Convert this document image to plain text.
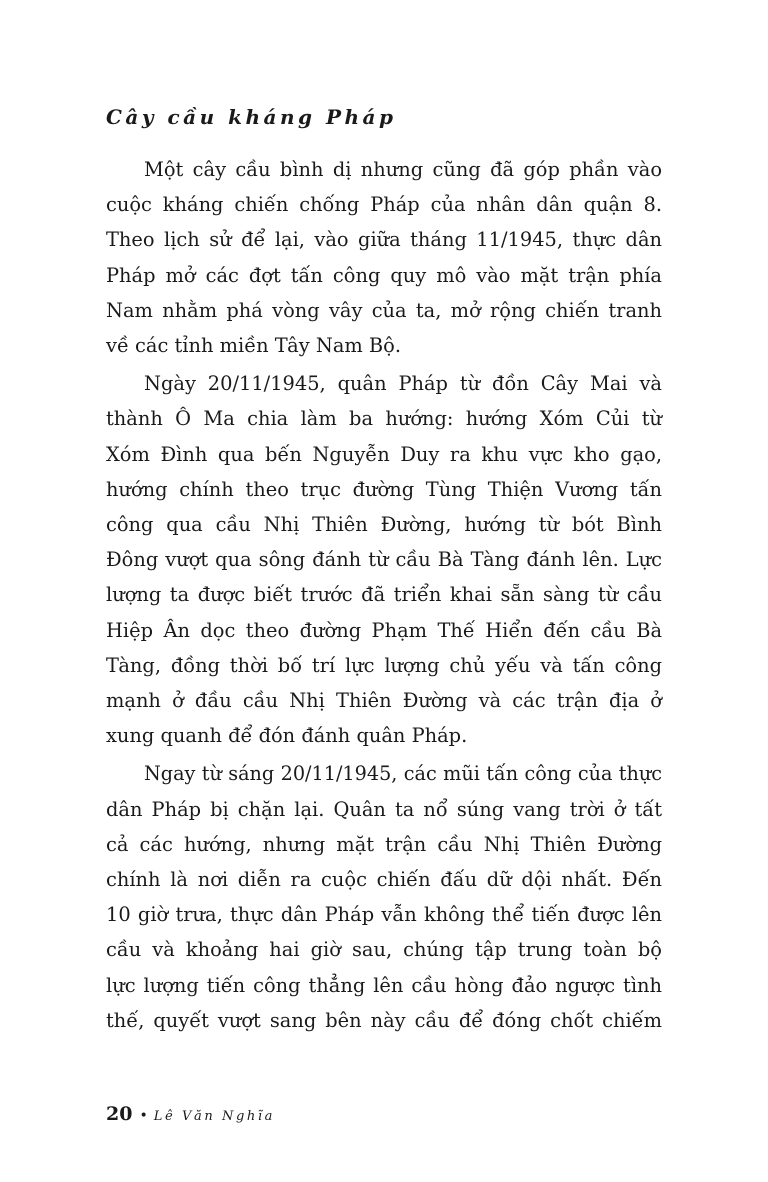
Cây cầu kháng Pháp

Một cây cầu bình dị nhưng cũng đã góp phần vào
cuộc kháng chiến chống Pháp của nhân dân quận 8.
Theo lịch sử để lại, vào giữa tháng 11/1945, thực dân
Pháp mở các đợt tấn công quy mô vào mặt trận phía
Nam nhằm phá vòng vây của ta, mở rộng chiến tranh
về các tỉnh miền Tây Nam Bộ.

Ngày 20/11/1945, quân Pháp từ đồn Cây Mai và
thành Ô Ma chia làm ba hướng: hướng Xóm Củi từ
Xóm Đình qua bến Nguyễn Duy ra khu vực kho gạo,
hướng chính theo trục đường Tùng Thiện Vương tấn
công qua cầu Nhị Thiên Đường, hướng từ bót Bình
Đông vượt qua sông đánh từ cầu Bà Tàng đánh lên. Lực
lượng ta được biết trước đã triển khai sẵn sàng từ cầu
Hiệp Ân dọc theo đường Phạm Thế Hiển đến cầu Bà
Tàng, đồng thời bố trí lực lượng chủ yếu và tấn công
mạnh ở đầu cầu Nhị Thiên Đường và các trận địa ở
xung quanh để đón đánh quân Pháp.

Ngay từ sáng 20/11/1945, các mũi tấn công của thực
dân Pháp bị chặn lại. Quân ta nổ súng vang trời ở tất
cả các hướng, nhưng mặt trận cầu Nhị Thiên Đường
chính là nơi diễn ra cuộc chiến đấu dữ dội nhất. Đến
10 giờ trưa, thực dân Pháp vẫn không thể tiến được lên
cầu và khoảng hai giờ sau, chúng tập trung toàn bộ
lực lượng tiến công thẳng lên cầu hòng đảo ngược tình
thế, quyết vượt sang bên này cầu để đóng chốt chiếm

20 • Lê Văn Nghĩa
